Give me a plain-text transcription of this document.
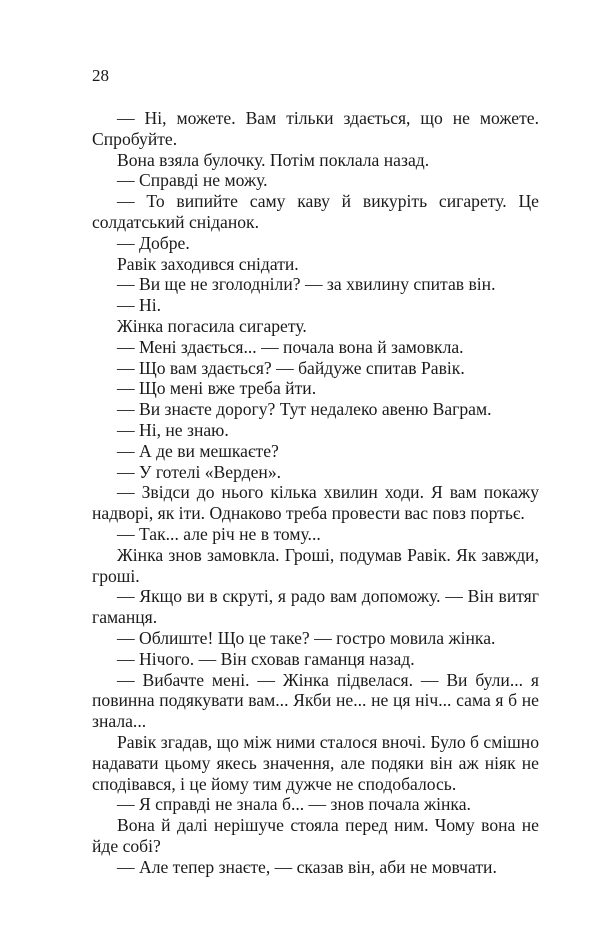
28

— Ні, можете. Вам тільки здається, що не можете. Спробуйте.

Вона взяла булочку. Потім поклала назад.

— Справді не можу.

— То випийте саму каву й викуріть сигарету. Це солдатський сніданок.

— Добре.

Равік заходився снідати.

— Ви ще не зголодніли? — за хвилину спитав він.

— Ні.

Жінка погасила сигарету.

— Мені здається... — почала вона й замовкла.

— Що вам здається? — байдуже спитав Равік.

— Що мені вже треба йти.

— Ви знаєте дорогу? Тут недалеко авеню Ваграм.

— Ні, не знаю.

— А де ви мешкаєте?

— У готелі «Верден».

— Звідси до нього кілька хвилин ходи. Я вам покажу надворі, як іти. Однаково треба провести вас повз портьє.

— Так... але річ не в тому...

Жінка знов замовкла. Гроші, подумав Равік. Як завжди, гроші.

— Якщо ви в скруті, я радо вам допоможу. — Він витяг гаманця.

— Облиште! Що це таке? — гостро мовила жінка.

— Нічого. — Він сховав гаманця назад.

— Вибачте мені. — Жінка підвелася. — Ви були... я повинна подякувати вам... Якби не... не ця ніч... сама я б не знала...

Равік згадав, що між ними сталося вночі. Було б смішно надавати цьому якесь значення, але подяки він аж ніяк не сподівався, і це йому тим дужче не сподобалось.

— Я справді не знала б... — знов почала жінка.

Вона й далі нерішуче стояла перед ним. Чому вона не йде собі?

— Але тепер знаєте, — сказав він, аби не мовчати.
